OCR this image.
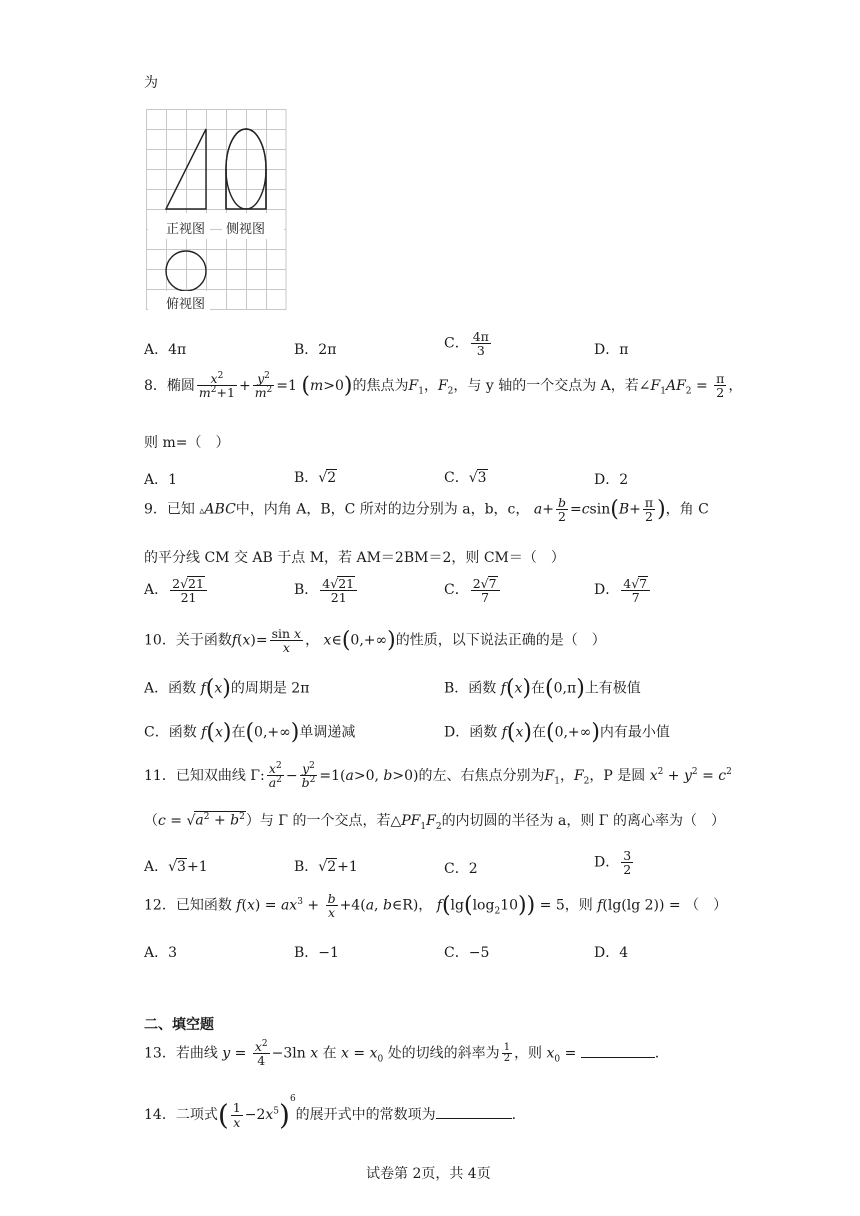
为
正视图 侧视图
俯视图
A．4π	B．2π	C． $\frac{4\pi}{3}$	D．π
8．椭圆 $\frac{x^2}{m^2+1} + \frac{y^2}{m^2} =1$ (m>0)的焦点为$F_1$，$F_2$，与 y 轴的一个交点为 A，若$\angle F_1AF_2 = \frac{\pi}{2}$ ，
则 m=（　）
A．1	B．√2	C．√3	D．2
9．已知 ▵ABC中，内角 A，B，C 所对的边分别为 a，b，c， $a+ \frac{b}{2} =csin(B+ \frac{\pi}{2}$ )，角 C
的平分线 CM 交 AB 于点 M，若 AM＝2BM＝2，则 CM＝（　）
A． $\frac{2√21}{21}$	B． $\frac{4√21}{21}$	C． $\frac{2√7}{7}$	D． $\frac{4√7}{7}$
10．关于函数$f(x)= \frac{\text{sin x}}{x}$ ， x∈(0,+∞)的性质，以下说法正确的是（　）
A．函数 f(x)的周期是 2π	B．函数 f(x)在(0,π)上有极值
C．函数 f(x)在(0,+∞)单调递减	D．函数 f(x)在(0,+∞)内有最小值
11．已知双曲线 Γ: $\frac{x^2}{a^2} - \frac{y^2}{b^2} =1(a>0$, b>0)的左、右焦点分别为$F_1$，$F_2$，P 是圆 $x^2 + y^2 = c^2$
$(c = √a^2 + b^2)$与 Γ 的一个交点，若$\triangle PF_1F_2$的内切圆的半径为 a，则 Γ 的离心率为（　）
A．√3+1	B．√2+1	C．2	D． $\frac{3}{2}$
12．已知函数 $f(x) = ax^3 + \frac{b}{x} +4(a$, b∈R)， $f(\lg(\log_210)) = 5$，则 f(lg(lg 2)) = （　）
A．3	B．−1	C．−5	D．4
二、填空题
13．若曲线 $y = \frac{x^2}{4} -3\ln$ x 在 $x = x_0$ 处的切线的斜率为 $\frac{1}{2}$ ，则 $x_0$ =	.
14．二项式( $\frac{1}{x} -2x^5)^6$的展开式中的常数项为	.
试卷第 2页，共 4页
